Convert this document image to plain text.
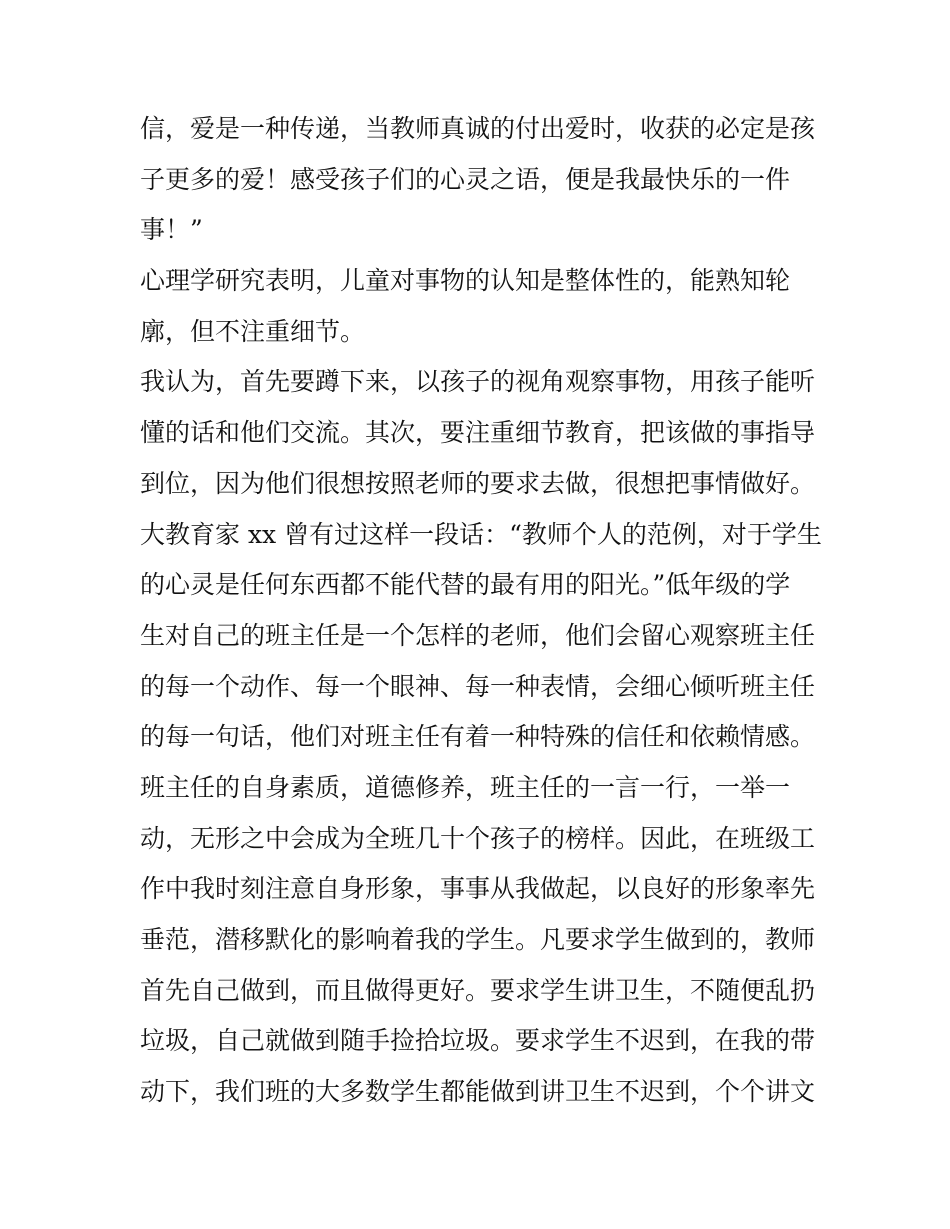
信，爱是一种传递，当教师真诚的付出爱时，收获的必定是孩
子更多的爱！感受孩子们的心灵之语，便是我最快乐的一件
事！”
心理学研究表明，儿童对事物的认知是整体性的，能熟知轮
廓，但不注重细节。
我认为，首先要蹲下来，以孩子的视角观察事物，用孩子能听
懂的话和他们交流。其次，要注重细节教育，把该做的事指导
到位，因为他们很想按照老师的要求去做，很想把事情做好。
大教育家 xx 曾有过这样一段话：“教师个人的范例，对于学生
的心灵是任何东西都不能代替的最有用的阳光。”低年级的学
生对自己的班主任是一个怎样的老师，他们会留心观察班主任
的每一个动作、每一个眼神、每一种表情，会细心倾听班主任
的每一句话，他们对班主任有着一种特殊的信任和依赖情感。
班主任的自身素质，道德修养，班主任的一言一行，一举一
动，无形之中会成为全班几十个孩子的榜样。因此，在班级工
作中我时刻注意自身形象，事事从我做起，以良好的形象率先
垂范，潜移默化的影响着我的学生。凡要求学生做到的，教师
首先自己做到，而且做得更好。要求学生讲卫生，不随便乱扔
垃圾，自己就做到随手捡拾垃圾。要求学生不迟到，在我的带
动下，我们班的大多数学生都能做到讲卫生不迟到，个个讲文
